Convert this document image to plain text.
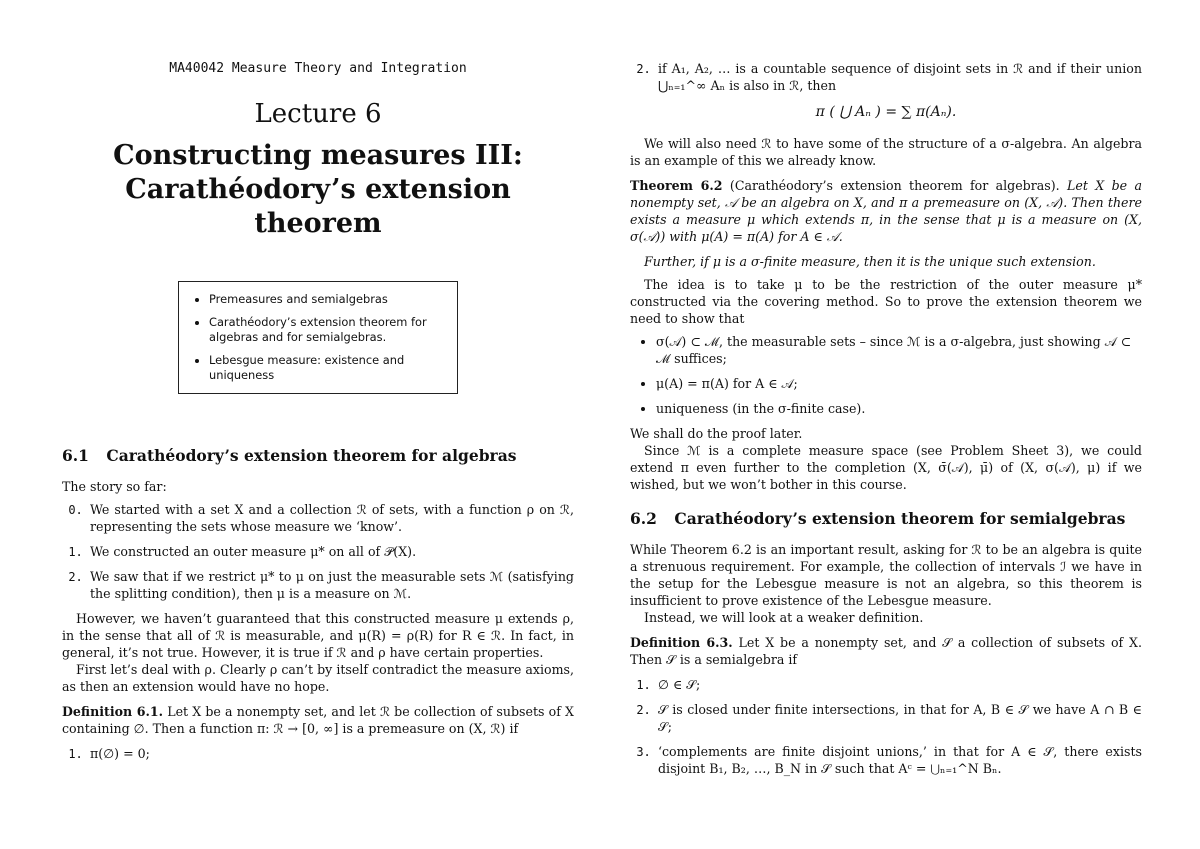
MA40042 Measure Theory and Integration
Lecture 6
Constructing measures III:
Carathéodory’s extension theorem
• Premeasures and semialgebras
• Carathéodory’s extension theorem for algebras and for semialgebras.
• Lebesgue measure: existence and uniqueness
6.1 Carathéodory’s extension theorem for algebras

The story so far:

0. We started with a set X and a collection ℛ of sets, with a function ρ on ℛ, representing the sets whose measure we ‘know’.
1. We constructed an outer measure μ* on all of 𝒫(X).
2. We saw that if we restrict μ* to μ on just the measurable sets ℳ (satisfying the splitting condition), then μ is a measure on ℳ.

However, we haven’t guaranteed that this constructed measure μ extends ρ, in the sense that all of ℛ is measurable, and μ(R) = ρ(R) for R ∈ ℛ. In fact, in general, it’s not true. However, it is true if ℛ and ρ have certain properties.

First let’s deal with ρ. Clearly ρ can’t by itself contradict the measure axioms, as then an extension would have no hope.

Definition 6.1. Let X be a nonempty set, and let ℛ be collection of subsets of X containing ∅. Then a function π: ℛ → [0, ∞] is a premeasure on (X, ℛ) if

1. π(∅) = 0;
2. if A₁, A₂, … is a countable sequence of disjoint sets in ℛ and if their union ⋃ₙ₌₁^∞ Aₙ is also in ℛ, then
π ( ⋃ Aₙ ) = ∑ π(Aₙ).

We will also need ℛ to have some of the structure of a σ-algebra. An algebra is an example of this we already know.

Theorem 6.2 (Carathéodory’s extension theorem for algebras). Let X be a nonempty set, 𝒜 be an algebra on X, and π a premeasure on (X, 𝒜). Then there exists a measure μ which extends π, in the sense that μ is a measure on (X, σ(𝒜)) with μ(A) = π(A) for A ∈ 𝒜.

Further, if μ is a σ-finite measure, then it is the unique such extension.

The idea is to take μ to be the restriction of the outer measure μ* constructed via the covering method. So to prove the extension theorem we need to show that

• σ(𝒜) ⊂ ℳ, the measurable sets – since ℳ is a σ-algebra, just showing 𝒜 ⊂ ℳ suffices;
• μ(A) = π(A) for A ∈ 𝒜;
• uniqueness (in the σ-finite case).

We shall do the proof later.

Since ℳ is a complete measure space (see Problem Sheet 3), we could extend π even further to the completion (X, σ̄(𝒜), μ̄) of (X, σ(𝒜), μ) if we wished, but we won’t bother in this course.

6.2 Carathéodory’s extension theorem for semialgebras

While Theorem 6.2 is an important result, asking for ℛ to be an algebra is quite a strenuous requirement. For example, the collection of intervals ℐ we have in the setup for the Lebesgue measure is not an algebra, so this theorem is insufficient to prove existence of the Lebesgue measure.

Instead, we will look at a weaker definition.

Definition 6.3. Let X be a nonempty set, and 𝒮 a collection of subsets of X. Then 𝒮 is a semialgebra if

1. ∅ ∈ 𝒮;
2. 𝒮 is closed under finite intersections, in that for A, B ∈ 𝒮 we have A ∩ B ∈ 𝒮;
3. ‘complements are finite disjoint unions,’ in that for A ∈ 𝒮, there exists disjoint B₁, B₂, …, B_N in 𝒮 such that Aᶜ = ⋃ₙ₌₁^N Bₙ.
